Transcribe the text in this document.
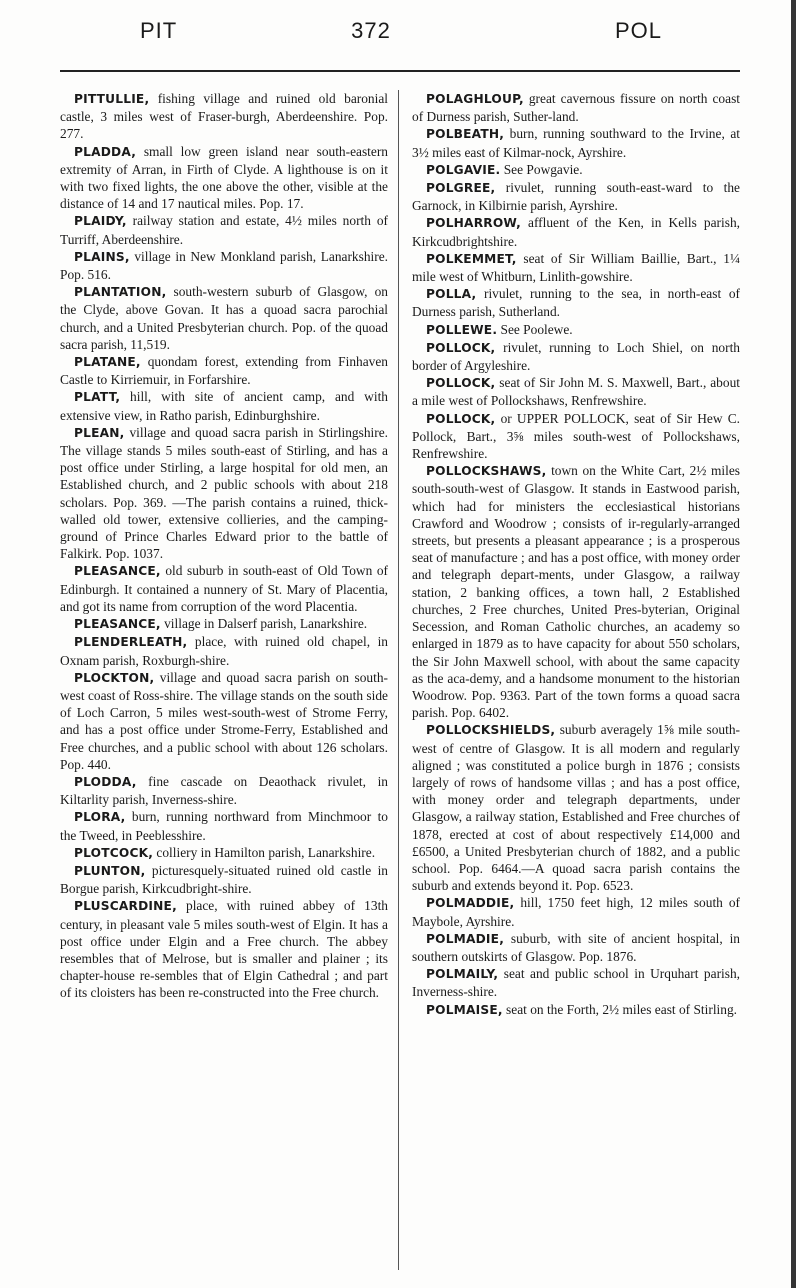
PIT	372	POL

PITTULLIE, fishing village and ruined old baronial castle, 3 miles west of Fraser-burgh, Aberdeenshire. Pop. 277.

PLADDA, small low green island near south-eastern extremity of Arran, in Firth of Clyde. A lighthouse is on it with two fixed lights, the one above the other, visible at the distance of 14 and 17 nautical miles. Pop. 17.

PLAIDY, railway station and estate, 4½ miles north of Turriff, Aberdeenshire.

PLAINS, village in New Monkland parish, Lanarkshire. Pop. 516.

PLANTATION, south-western suburb of Glasgow, on the Clyde, above Govan. It has a quoad sacra parochial church, and a United Presbyterian church. Pop. of the quoad sacra parish, 11,519.

PLATANE, quondam forest, extending from Finhaven Castle to Kirriemuir, in Forfarshire.

PLATT, hill, with site of ancient camp, and with extensive view, in Ratho parish, Edinburghshire.

PLEAN, village and quoad sacra parish in Stirlingshire. The village stands 5 miles south-east of Stirling, and has a post office under Stirling, a large hospital for old men, an Established church, and 2 public schools with about 218 scholars. Pop. 369. —The parish contains a ruined, thick-walled old tower, extensive collieries, and the camping-ground of Prince Charles Edward prior to the battle of Falkirk. Pop. 1037.

PLEASANCE, old suburb in south-east of Old Town of Edinburgh. It contained a nunnery of St. Mary of Placentia, and got its name from corruption of the word Placentia.

PLEASANCE, village in Dalserf parish, Lanarkshire.

PLENDERLEATH, place, with ruined old chapel, in Oxnam parish, Roxburgh-shire.

PLOCKTON, village and quoad sacra parish on south-west coast of Ross-shire. The village stands on the south side of Loch Carron, 5 miles west-south-west of Strome Ferry, and has a post office under Strome-Ferry, Established and Free churches, and a public school with about 126 scholars. Pop. 440.

PLODDA, fine cascade on Deaothack rivulet, in Kiltarlity parish, Inverness-shire.

PLORA, burn, running northward from Minchmoor to the Tweed, in Peeblesshire.

PLOTCOCK, colliery in Hamilton parish, Lanarkshire.

PLUNTON, picturesquely-situated ruined old castle in Borgue parish, Kirkcudbright-shire.

PLUSCARDINE, place, with ruined abbey of 13th century, in pleasant vale 5 miles south-west of Elgin. It has a post office under Elgin and a Free church. The abbey resembles that of Melrose, but is smaller and plainer ; its chapter-house re-sembles that of Elgin Cathedral ; and part of its cloisters has been re-constructed into the Free church.

POLAGHLOUP, great cavernous fissure on north coast of Durness parish, Suther-land.

POLBEATH, burn, running southward to the Irvine, at 3½ miles east of Kilmar-nock, Ayrshire.

POLGAVIE. See Powgavie.

POLGREE, rivulet, running south-east-ward to the Garnock, in Kilbirnie parish, Ayrshire.

POLHARROW, affluent of the Ken, in Kells parish, Kirkcudbrightshire.

POLKEMMET, seat of Sir William Baillie, Bart., 1¼ mile west of Whitburn, Linlith-gowshire.

POLLA, rivulet, running to the sea, in north-east of Durness parish, Sutherland.

POLLEWE. See Poolewe.

POLLOCK, rivulet, running to Loch Shiel, on north border of Argyleshire.

POLLOCK, seat of Sir John M. S. Maxwell, Bart., about a mile west of Pollockshaws, Renfrewshire.

POLLOCK, or UPPER POLLOCK, seat of Sir Hew C. Pollock, Bart., 3⅝ miles south-west of Pollockshaws, Renfrewshire.

POLLOCKSHAWS, town on the White Cart, 2½ miles south-south-west of Glasgow. It stands in Eastwood parish, which had for ministers the ecclesiastical historians Crawford and Woodrow ; consists of ir-regularly-arranged streets, but presents a pleasant appearance ; is a prosperous seat of manufacture ; and has a post office, with money order and telegraph depart-ments, under Glasgow, a railway station, 2 banking offices, a town hall, 2 Established churches, 2 Free churches, United Pres-byterian, Original Secession, and Roman Catholic churches, an academy so enlarged in 1879 as to have capacity for about 550 scholars, the Sir John Maxwell school, with about the same capacity as the aca-demy, and a handsome monument to the historian Woodrow. Pop. 9363. Part of the town forms a quoad sacra parish. Pop. 6402.

POLLOCKSHIELDS, suburb averagely 1⅝ mile south-west of centre of Glasgow. It is all modern and regularly aligned ; was constituted a police burgh in 1876 ; consists largely of rows of handsome villas ; and has a post office, with money order and telegraph departments, under Glasgow, a railway station, Established and Free churches of 1878, erected at cost of about respectively £14,000 and £6500, a United Presbyterian church of 1882, and a public school. Pop. 6464.—A quoad sacra parish contains the suburb and extends beyond it. Pop. 6523.

POLMADDIE, hill, 1750 feet high, 12 miles south of Maybole, Ayrshire.

POLMADIE, suburb, with site of ancient hospital, in southern outskirts of Glasgow. Pop. 1876.

POLMAILY, seat and public school in Urquhart parish, Inverness-shire.

POLMAISE, seat on the Forth, 2½ miles east of Stirling.
